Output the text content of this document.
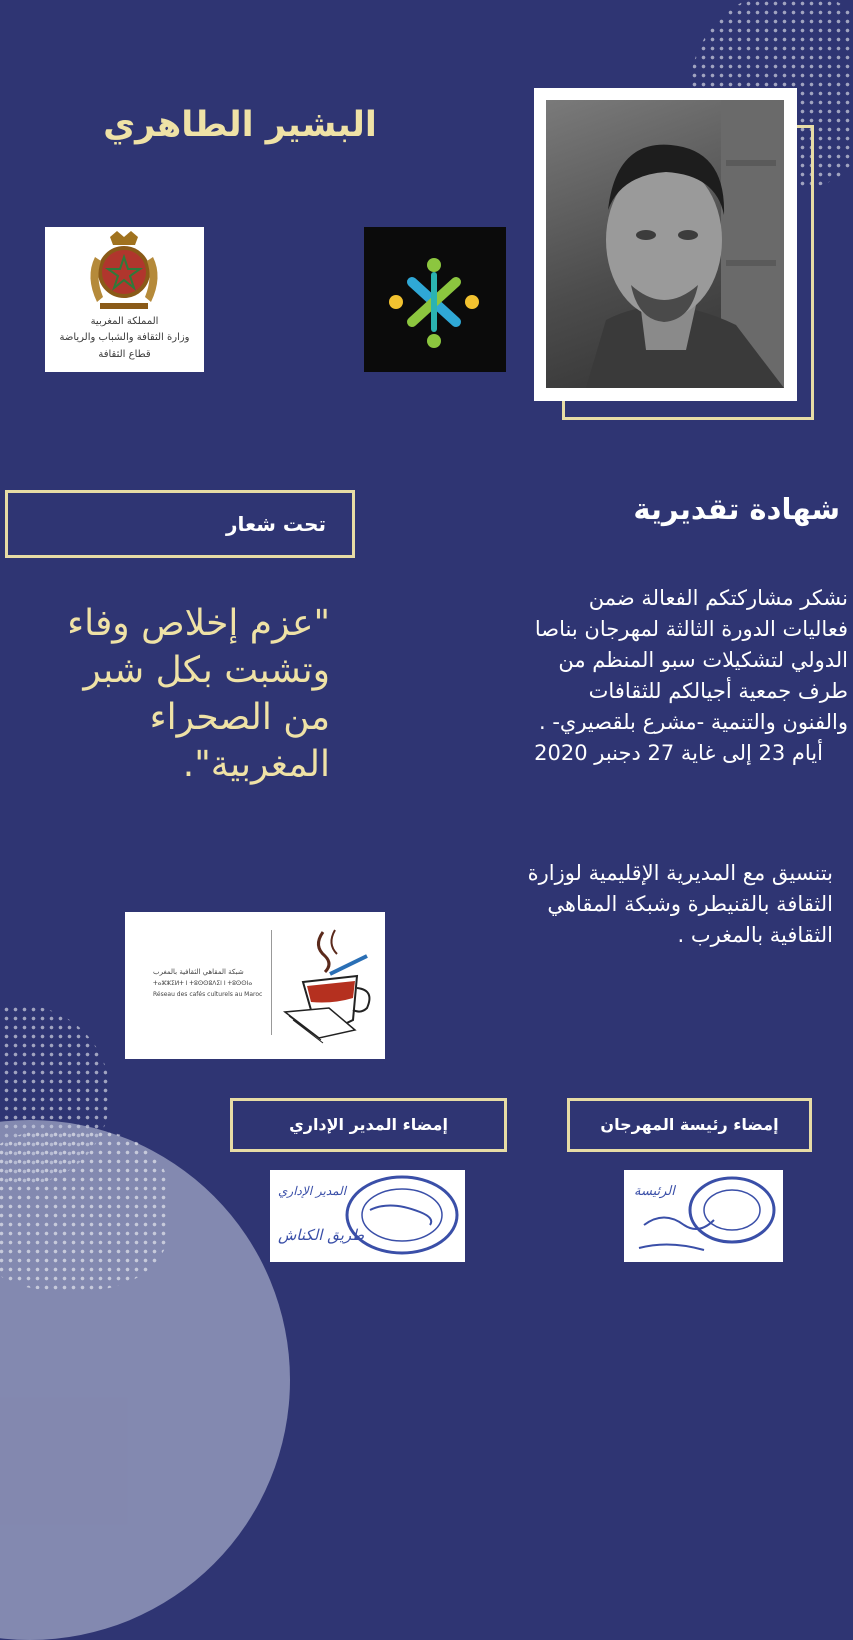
البشير الطاهري
المملكة المغربية
وزارة الثقافة والشباب والرياضة
قطاع الثقافة
شهادة تقديرية
تحت شعار
نشكر مشاركتكم الفعالة ضمن
فعاليات الدورة الثالثة لمهرجان بناصا
الدولي لتشكيلات سبو المنظم من
طرف جمعية أجيالكم للثقافات
والفنون والتنمية -مشرع بلقصيري- .
أيام 23 إلى غاية 27 دجنبر 2020
بتنسيق مع المديرية الإقليمية لوزارة
الثقافة بالقنيطرة وشبكة المقاهي
الثقافية بالمغرب .
"عزم إخلاص وفاء
وتشبت بكل شبر
من الصحراء
المغربية".
شبكة المقاهي الثقافية بالمغرب
ⵜⴰⵣⵣⵉⵍⵜ ⵏ ⵜⵓⵙⵙⵓⴷⵉⵏ ⵏ ⵜⵓⵙⵙⵏⴰ
Réseau des cafés culturels au Maroc
إمضاء المدير الإداري	إمضاء رئيسة المهرجان
المدير الإداري
طريق الكناش
الرئيسة
